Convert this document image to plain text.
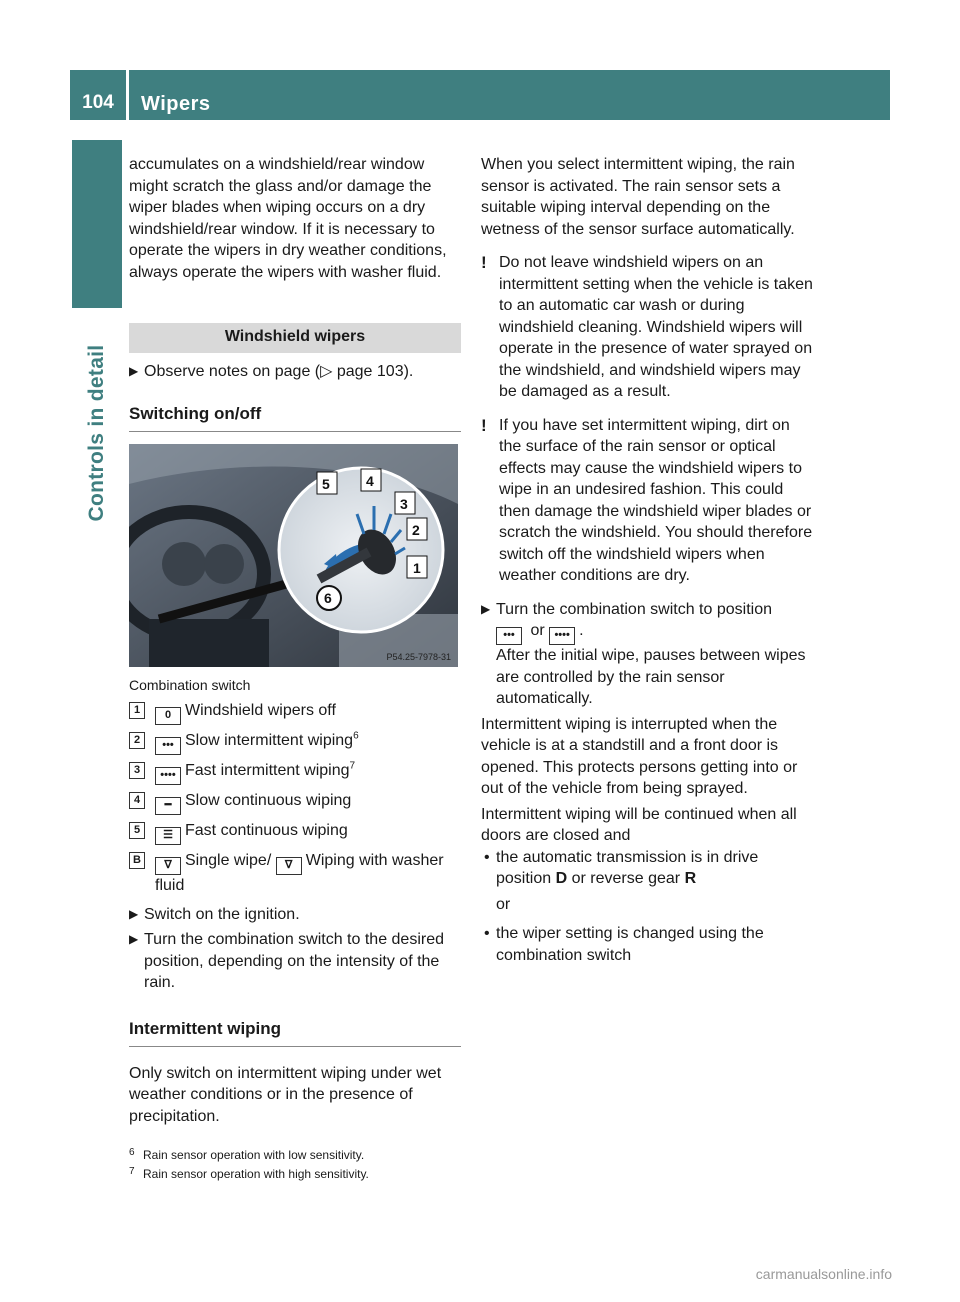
104	Wipers
Controls in detail

accumulates on a windshield/rear window might scratch the glass and/or damage the wiper blades when wiping occurs on a dry windshield/rear window. If it is necessary to operate the wipers in dry weather conditions, always operate the wipers with washer fluid.

Windshield wipers
▶ Observe notes on page (▷ page 103).
Switching on/off
5	4
3
2
1
6
P54.25-7978-31
Combination switch
1	0 Windshield wipers off
2	••• Slow intermittent wiping$^6$
3	•••• Fast intermittent wiping$^7$
4	━ Slow continuous wiping
5	☰ Fast continuous wiping
B	∇ Single wipe/ ∇ Wiping with washer fluid
▶ Switch on the ignition.
▶ Turn the combination switch to the desired position, depending on the intensity of the rain.
Intermittent wiping

Only switch on intermittent wiping under wet weather conditions or in the presence of precipitation.

When you select intermittent wiping, the rain sensor is activated. The rain sensor sets a suitable wiping interval depending on the wetness of the sensor surface automatically.

! Do not leave windshield wipers on an intermittent setting when the vehicle is taken to an automatic car wash or during windshield cleaning. Windshield wipers will operate in the presence of water sprayed on the windshield, and windshield wipers may be damaged as a result.
! If you have set intermittent wiping, dirt on the surface of the rain sensor or optical effects may cause the windshield wipers to wipe in an undesired fashion. This could then damage the windshield wiper blades or scratch the windshield. You should therefore switch off the windshield wipers when weather conditions are dry.
▶ Turn the combination switch to position
••• or •••• .
After the initial wipe, pauses between wipes are controlled by the rain sensor automatically.

Intermittent wiping is interrupted when the vehicle is at a standstill and a front door is opened. This protects persons getting into or out of the vehicle from being sprayed.

Intermittent wiping will be continued when all doors are closed and

• the automatic transmission is in drive position D or reverse gear R

or

• the wiper setting is changed using the combination switch
6 Rain sensor operation with low sensitivity.
7 Rain sensor operation with high sensitivity.
carmanualsonline.info
